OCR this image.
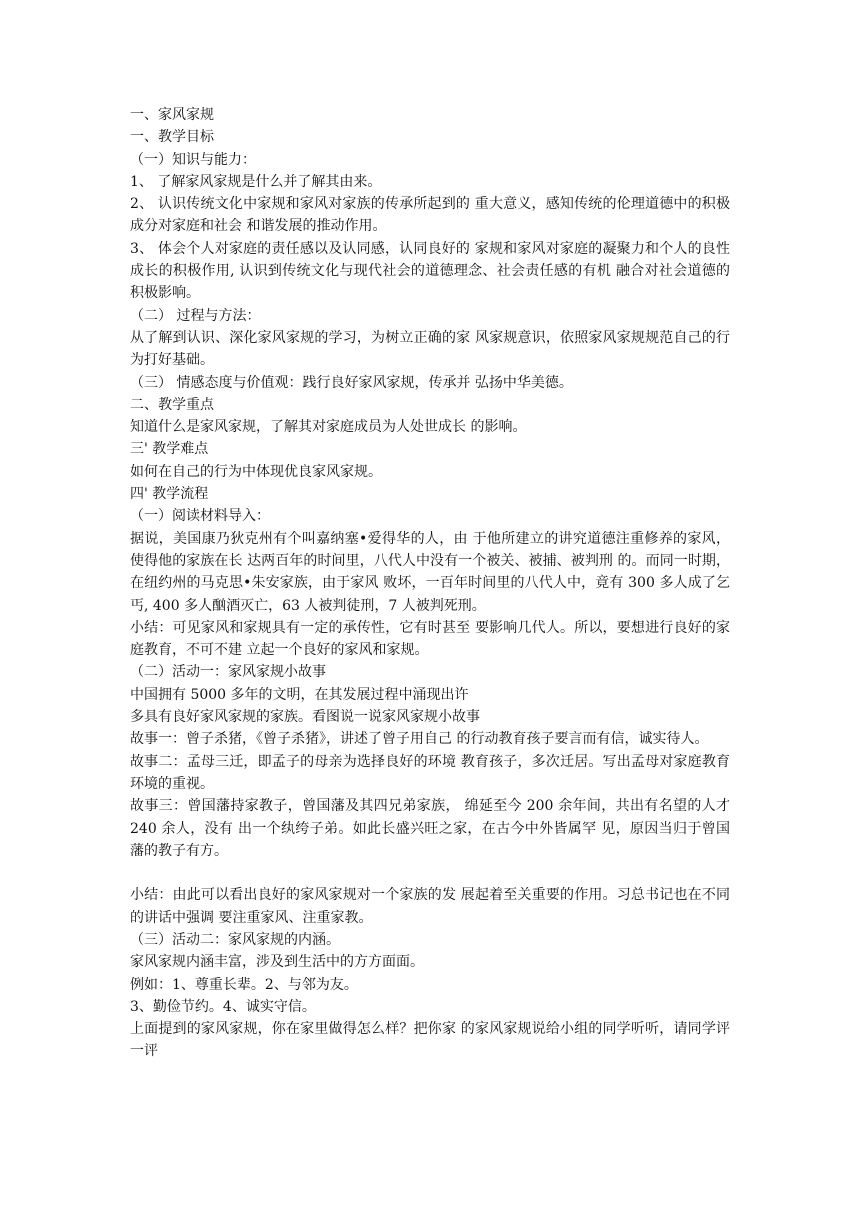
一、家风家规

一、教学目标

（一）知识与能力：

1、 了解家风家规是什么并了解其由来。

2、 认识传统文化中家规和家风对家族的传承所起到的 重大意义，感知传统的伦理道德中的积极成分对家庭和社会 和谐发展的推动作用。

3、 体会个人对家庭的责任感以及认同感，认同良好的 家规和家风对家庭的凝聚力和个人的良性成长的积极作用, 认识到传统文化与现代社会的道德理念、社会责任感的有机 融合对社会道德的积极影响。

（二） 过程与方法：

从了解到认识、深化家风家规的学习，为树立正确的家 风家规意识，依照家风家规规范自己的行为打好基础。

（三） 情感态度与价值观：践行良好家风家规，传承并 弘扬中华美德。

二、教学重点

知道什么是家风家规，了解其对家庭成员为人处世成长 的影响。

三' 教学难点

如何在自己的行为中体现优良家风家规。

四' 教学流程

（一）阅读材料导入：

据说，美国康乃狄克州有个叫嘉纳塞•爱得华的人，由 于他所建立的讲究道德注重修养的家风，使得他的家族在长 达两百年的时间里，八代人中没有一个被关、被捕、被判刑 的。而同一时期，在纽约州的马克思•朱安家族，由于家风 败坏，一百年时间里的八代人中，竟有 300 多人成了乞丐, 400 多人酗酒灭亡，63 人被判徒刑，7 人被判死刑。

小结：可见家风和家规具有一定的承传性，它有时甚至 要影响几代人。所以，要想进行良好的家庭教育，不可不建 立起一个良好的家风和家规。

（二）活动一：家风家规小故事

中国拥有 5000 多年的文明，在其发展过程中涌现出许

多具有良好家风家规的家族。看图说一说家风家规小故事

故事一：曾子杀猪，《曾子杀猪》，讲述了曾子用自己 的行动教育孩子要言而有信，诚实待人。

故事二：孟母三迁，即孟子的母亲为选择良好的环境 教育孩子，多次迁居。写出孟母对家庭教育环境的重视。

故事三：曾国藩持家教子，曾国藩及其四兄弟家族， 绵延至今 200 余年间，共出有名望的人才 240 余人，没有 出一个纨绔子弟。如此长盛兴旺之家，在古今中外皆属罕 见，原因当归于曾国藩的教子有方。

小结：由此可以看出良好的家风家规对一个家族的发 展起着至关重要的作用。习总书记也在不同的讲话中强调 要注重家风、注重家教。

（三）活动二：家风家规的内涵。

家风家规内涵丰富，涉及到生活中的方方面面。

例如：1、尊重长辈。2、与邻为友。

3、勤俭节约。4、诚实守信。

上面提到的家风家规，你在家里做得怎么样？把你家 的家风家规说给小组的同学听听，请同学评一评
